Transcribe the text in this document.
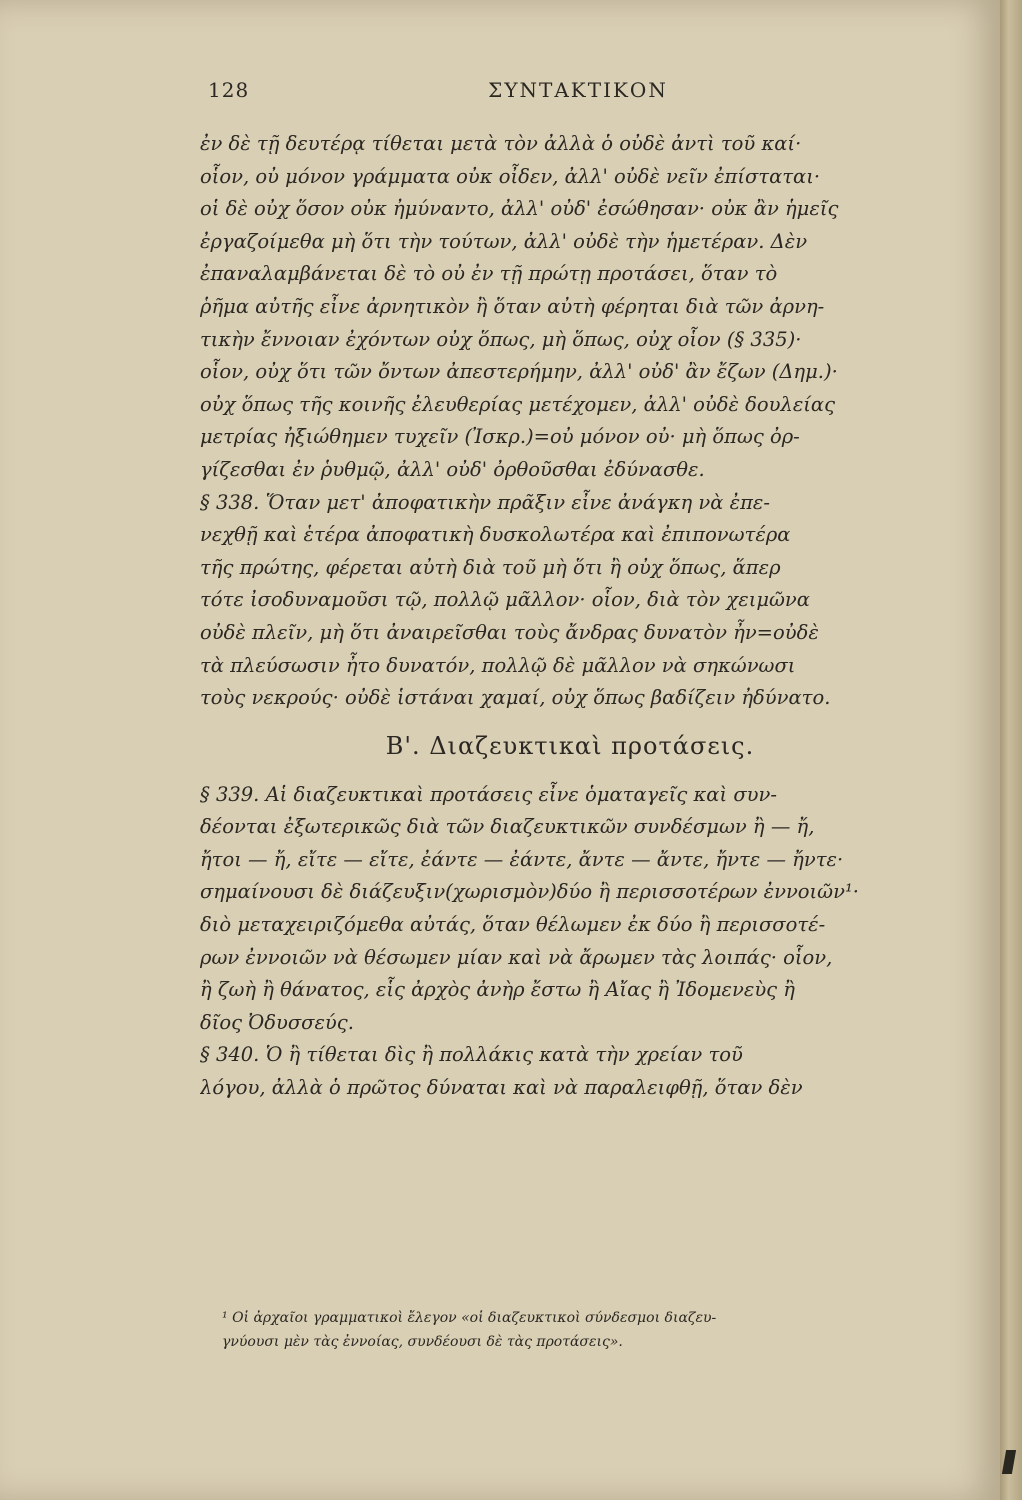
128	ΣΥΝΤΑΚΤΙΚΟΝ
ἐν δὲ τῇ δευτέρᾳ τίθεται μετὰ τὸν ἀλλὰ ὁ οὐδὲ ἀντὶ τοῦ καί·
οἷον, οὐ μόνον γράμματα οὐκ οἶδεν, ἀλλ' οὐδὲ νεῖν ἐπίσταται·
οἱ δὲ οὐχ ὅσον οὐκ ἠμύναντο, ἀλλ' οὐδ' ἐσώθησαν· οὐκ ἂν ἡμεῖς
ἐργαζοίμεθα μὴ ὅτι τὴν τούτων, ἀλλ' οὐδὲ τὴν ἡμετέραν. Δὲν
ἐπαναλαμβάνεται δὲ τὸ οὐ ἐν τῇ πρώτῃ προτάσει, ὅταν τὸ
ῥῆμα αὐτῆς εἶνε ἀρνητικὸν ἢ ὅταν αὐτὴ φέρηται διὰ τῶν ἀρνη-
τικὴν ἔννοιαν ἐχόντων οὐχ ὅπως, μὴ ὅπως, οὐχ οἷον (§ 335)·
οἷον, οὐχ ὅτι τῶν ὄντων ἀπεστερήμην, ἀλλ' οὐδ' ἂν ἔζων (Δημ.)·
οὐχ ὅπως τῆς κοινῆς ἐλευθερίας μετέχομεν, ἀλλ' οὐδὲ δουλείας
μετρίας ἠξιώθημεν τυχεῖν (Ἰσκρ.)=οὐ μόνον οὐ· μὴ ὅπως ὀρ-
γίζεσθαι ἐν ῥυθμῷ, ἀλλ' οὐδ' ὀρθοῦσθαι ἐδύνασθε.
§ 338. Ὅταν μετ' ἀποφατικὴν πρᾶξιν εἶνε ἀνάγκη νὰ ἐπε-
νεχθῇ καὶ ἑτέρα ἀποφατικὴ δυσκολωτέρα καὶ ἐπιπονωτέρα
τῆς πρώτης, φέρεται αὐτὴ διὰ τοῦ μὴ ὅτι ἢ οὐχ ὅπως, ἅπερ
τότε ἰσοδυναμοῦσι τῷ, πολλῷ μᾶλλον· οἷον, διὰ τὸν χειμῶνα
οὐδὲ πλεῖν, μὴ ὅτι ἀναιρεῖσθαι τοὺς ἄνδρας δυνατὸν ἦν=οὐδὲ
τὰ πλεύσωσιν ἦτο δυνατόν, πολλῷ δὲ μᾶλλον νὰ σηκώνωσι
τοὺς νεκρούς· οὐδὲ ἱστάναι χαμαί, οὐχ ὅπως βαδίζειν ἠδύνατο.
Β'. Διαζευκτικαὶ προτάσεις.
§ 339. Αἱ διαζευκτικαὶ προτάσεις εἶνε ὁματαγεῖς καὶ συν-
δέονται ἐξωτερικῶς διὰ τῶν διαζευκτικῶν συνδέσμων ἢ — ἤ,
ἤτοι — ἤ, εἴτε — εἴτε, ἐάντε — ἐάντε, ἄντε — ἄντε, ἤντε — ἤντε·
σημαίνουσι δὲ διάζευξιν(χωρισμὸν)δύο ἢ περισσοτέρων ἐννοιῶν¹·
διὸ μεταχειριζόμεθα αὐτάς, ὅταν θέλωμεν ἐκ δύο ἢ περισσοτέ-
ρων ἐννοιῶν νὰ θέσωμεν μίαν καὶ νὰ ἄρωμεν τὰς λοιπάς· οἷον,
ἢ ζωὴ ἢ θάνατος, εἷς ἀρχὸς ἀνὴρ ἔστω ἢ Αἴας ἢ Ἰδομενεὺς ἢ
δῖος Ὀδυσσεύς.
§ 340. Ὁ ἢ τίθεται δὶς ἢ πολλάκις κατὰ τὴν χρείαν τοῦ
λόγου, ἀλλὰ ὁ πρῶτος δύναται καὶ νὰ παραλειφθῇ, ὅταν δὲν
¹ Οἱ ἀρχαῖοι γραμματικοὶ ἔλεγον «οἱ διαζευκτικοὶ σύνδεσμοι διαζευ-
γνύουσι μὲν τὰς ἐννοίας, συνδέουσι δὲ τὰς προτάσεις».
